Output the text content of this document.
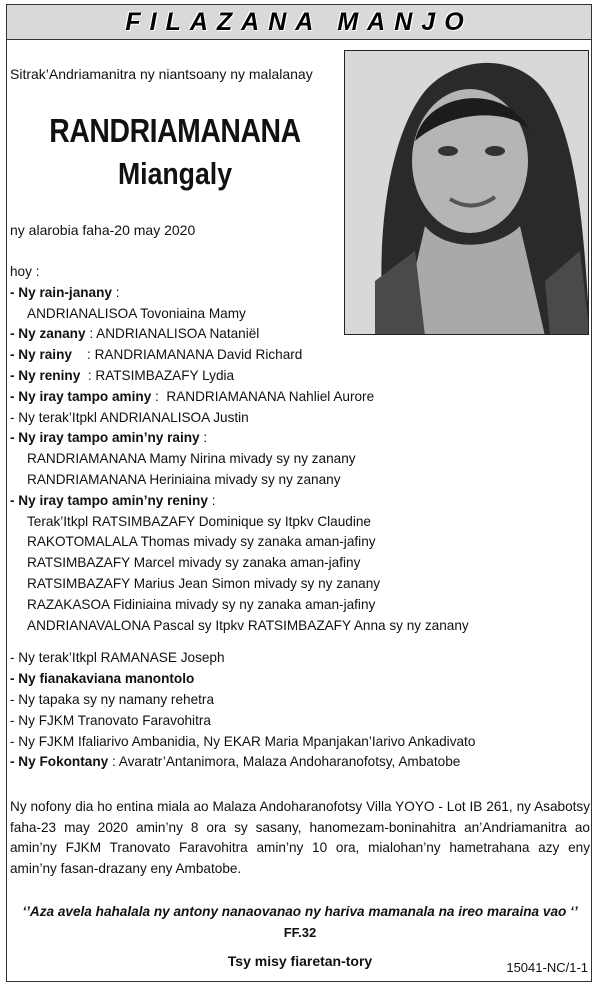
FILAZANA MANJO
Sitrak’Andriamanitra ny niantsoany ny malalanay
RANDRIAMANANA
Miangaly
ny alarobia faha-20 may 2020
hoy :
- Ny rain-janany :
ANDRIANALISOA Tovoniaina Mamy
- Ny zanany : ANDRIANALISOA Nataniël
- Ny rainy    : RANDRIAMANANA David Richard
- Ny reniny  : RATSIMBAZAFY Lydia
- Ny iray tampo aminy :  RANDRIAMANANA Nahliel Aurore
- Ny terak’Itpkl ANDRIANALISOA Justin
- Ny iray tampo amin’ny rainy :
RANDRIAMANANA Mamy Nirina mivady sy ny zanany
RANDRIAMANANA Heriniaina mivady sy ny zanany
- Ny iray tampo amin’ny reniny :
Terak’Itkpl RATSIMBAZAFY Dominique sy Itpkv Claudine
RAKOTOMALALA Thomas mivady sy zanaka aman-jafiny
RATSIMBAZAFY Marcel mivady sy zanaka aman-jafiny
RATSIMBAZAFY Marius Jean Simon mivady sy ny zanany
RAZAKASOA Fidiniaina mivady sy ny zanaka aman-jafiny
ANDRIANAVALONA Pascal sy Itpkv RATSIMBAZAFY Anna sy ny zanany
- Ny terak’Itkpl RAMANASE Joseph
- Ny fianakaviana manontolo
- Ny tapaka sy ny namany rehetra
- Ny FJKM Tranovato Faravohitra
- Ny FJKM Ifaliarivo Ambanidia, Ny EKAR Maria Mpanjakan’Iarivo Ankadivato
- Ny Fokontany : Avaratr’Antanimora, Malaza Andoharanofotsy, Ambatobe
Ny nofony dia ho entina miala ao Malaza Andoharanofotsy Villa YOYO - Lot IB 261, ny Asabotsy faha-23 may 2020 amin’ny 8 ora sy sasany, hanomezam-boninahitra an’Andriamanitra ao amin’ny FJKM Tranovato Faravohitra amin’ny 10 ora, mialohan’ny hametrahana azy eny amin’ny fasan-drazany eny Ambatobe.
‘’Aza avela hahalala ny antony nanaovanao ny hariva mamanala na ireo maraina vao ‘’
FF.32
Tsy misy fiaretan-tory	15041-NC/1-1
